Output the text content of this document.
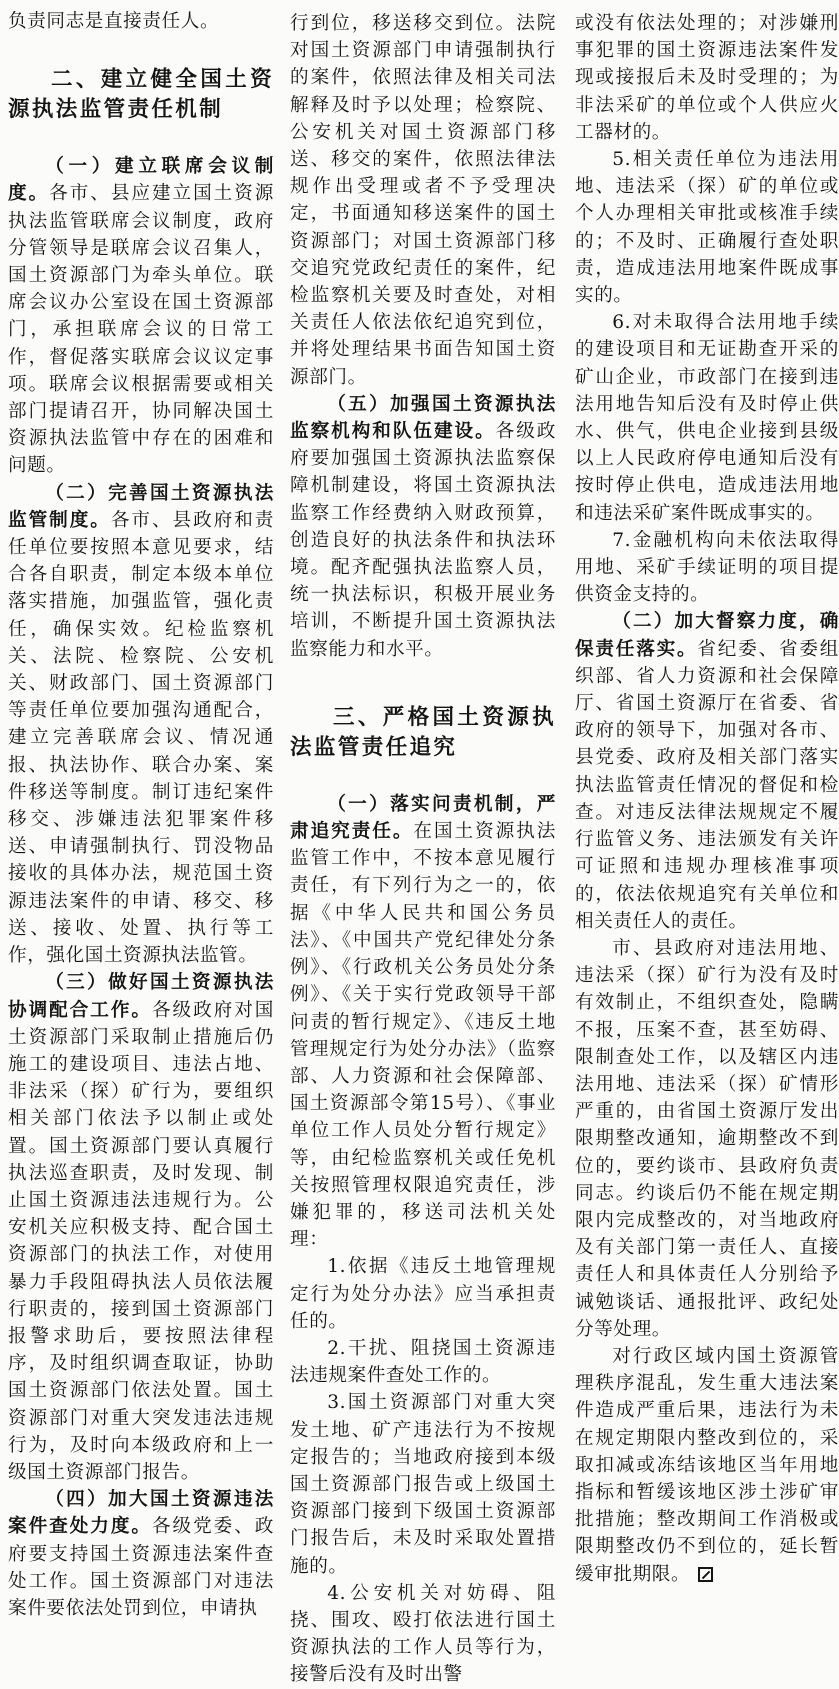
负责同志是直接责任人。

二、建立健全国土资源执法监管责任机制

（一）建立联席会议制度。各市、县应建立国土资源执法监管联席会议制度，政府分管领导是联席会议召集人，国土资源部门为牵头单位。联席会议办公室设在国土资源部门，承担联席会议的日常工作，督促落实联席会议议定事项。联席会议根据需要或相关部门提请召开，协同解决国土资源执法监管中存在的困难和问题。

（二）完善国土资源执法监管制度。各市、县政府和责任单位要按照本意见要求，结合各自职责，制定本级本单位落实措施，加强监管，强化责任，确保实效。纪检监察机关、法院、检察院、公安机关、财政部门、国土资源部门等责任单位要加强沟通配合，建立完善联席会议、情况通报、执法协作、联合办案、案件移送等制度。制订违纪案件移交、涉嫌违法犯罪案件移送、申请强制执行、罚没物品接收的具体办法，规范国土资源违法案件的申请、移交、移送、接收、处置、执行等工作，强化国土资源执法监管。

（三）做好国土资源执法协调配合工作。各级政府对国土资源部门采取制止措施后仍施工的建设项目、违法占地、非法采（探）矿行为，要组织相关部门依法予以制止或处置。国土资源部门要认真履行执法巡查职责，及时发现、制止国土资源违法违规行为。公安机关应积极支持、配合国土资源部门的执法工作，对使用暴力手段阻碍执法人员依法履行职责的，接到国土资源部门报警求助后，要按照法律程序，及时组织调查取证，协助国土资源部门依法处置。国土资源部门对重大突发违法违规行为，及时向本级政府和上一级国土资源部门报告。

（四）加大国土资源违法案件查处力度。各级党委、政府要支持国土资源违法案件查处工作。国土资源部门对违法案件要依法处罚到位，申请执

行到位，移送移交到位。法院对国土资源部门申请强制执行的案件，依照法律及相关司法解释及时予以处理；检察院、公安机关对国土资源部门移送、移交的案件，依照法律法规作出受理或者不予受理决定，书面通知移送案件的国土资源部门；对国土资源部门移交追究党政纪责任的案件，纪检监察机关要及时查处，对相关责任人依法依纪追究到位，并将处理结果书面告知国土资源部门。

（五）加强国土资源执法监察机构和队伍建设。各级政府要加强国土资源执法监察保障机制建设，将国土资源执法监察工作经费纳入财政预算，创造良好的执法条件和执法环境。配齐配强执法监察人员，统一执法标识，积极开展业务培训，不断提升国土资源执法监察能力和水平。

三、严格国土资源执法监管责任追究

（一）落实问责机制，严肃追究责任。在国土资源执法监管工作中，不按本意见履行责任，有下列行为之一的，依据《中华人民共和国公务员法》、《中国共产党纪律处分条例》、《行政机关公务员处分条例》、《关于实行党政领导干部问责的暂行规定》、《违反土地管理规定行为处分办法》（监察部、人力资源和社会保障部、国土资源部令第15号）、《事业单位工作人员处分暂行规定》等，由纪检监察机关或任免机关按照管理权限追究责任，涉嫌犯罪的，移送司法机关处理：

1.依据《违反土地管理规定行为处分办法》应当承担责任的。

2.干扰、阻挠国土资源违法违规案件查处工作的。

3.国土资源部门对重大突发土地、矿产违法行为不按规定报告的；当地政府接到本级国土资源部门报告或上级国土资源部门接到下级国土资源部门报告后，未及时采取处置措施的。

4.公安机关对妨碍、阻挠、围攻、殴打依法进行国土资源执法的工作人员等行为，接警后没有及时出警

或没有依法处理的；对涉嫌刑事犯罪的国土资源违法案件发现或接报后未及时受理的；为非法采矿的单位或个人供应火工器材的。

5.相关责任单位为违法用地、违法采（探）矿的单位或个人办理相关审批或核准手续的；不及时、正确履行查处职责，造成违法用地案件既成事实的。

6.对未取得合法用地手续的建设项目和无证勘查开采的矿山企业，市政部门在接到违法用地告知后没有及时停止供水、供气，供电企业接到县级以上人民政府停电通知后没有按时停止供电，造成违法用地和违法采矿案件既成事实的。

7.金融机构向未依法取得用地、采矿手续证明的项目提供资金支持的。

（二）加大督察力度，确保责任落实。省纪委、省委组织部、省人力资源和社会保障厅、省国土资源厅在省委、省政府的领导下，加强对各市、县党委、政府及相关部门落实执法监管责任情况的督促和检查。对违反法律法规规定不履行监管义务、违法颁发有关许可证照和违规办理核准事项的，依法依规追究有关单位和相关责任人的责任。

市、县政府对违法用地、违法采（探）矿行为没有及时有效制止，不组织查处，隐瞒不报，压案不查，甚至妨碍、限制查处工作，以及辖区内违法用地、违法采（探）矿情形严重的，由省国土资源厅发出限期整改通知，逾期整改不到位的，要约谈市、县政府负责同志。约谈后仍不能在规定期限内完成整改的，对当地政府及有关部门第一责任人、直接责任人和具体责任人分别给予诫勉谈话、通报批评、政纪处分等处理。

对行政区域内国土资源管理秩序混乱，发生重大违法案件造成严重后果，违法行为未在规定期限内整改到位的，采取扣减或冻结该地区当年用地指标和暂缓该地区涉土涉矿审批措施；整改期间工作消极或限期整改仍不到位的，延长暂缓审批期限。
